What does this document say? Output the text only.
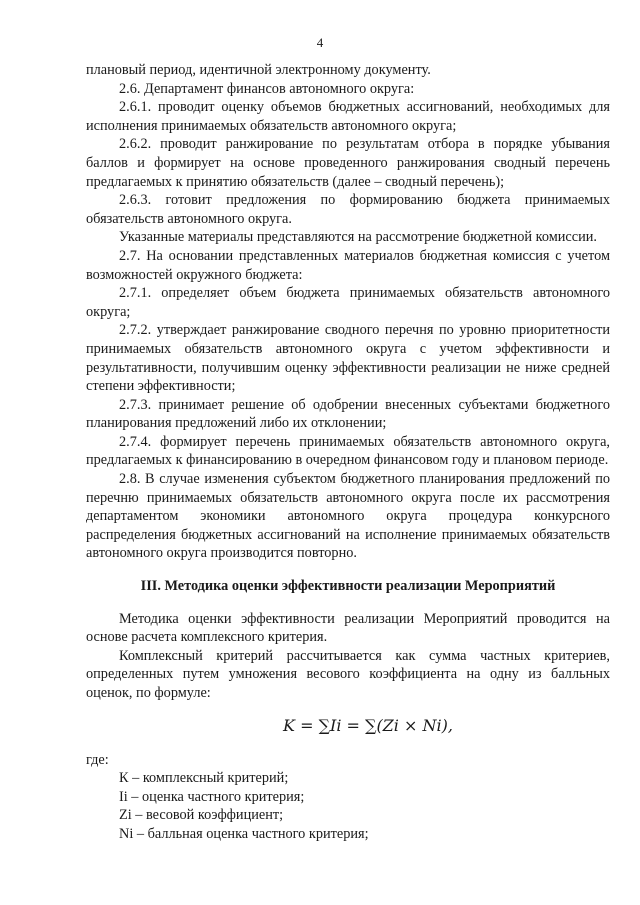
4

плановый период, идентичной электронному документу.

2.6. Департамент финансов автономного округа:

2.6.1. проводит оценку объемов бюджетных ассигнований, необходимых для исполнения принимаемых обязательств автономного округа;

2.6.2. проводит ранжирование по результатам отбора в порядке убывания баллов и формирует на основе проведенного ранжирования сводный перечень предлагаемых к принятию обязательств (далее – сводный перечень);

2.6.3. готовит предложения по формированию бюджета принимаемых обязательств автономного округа.

Указанные материалы представляются на рассмотрение бюджетной комиссии.

2.7. На основании представленных материалов бюджетная комиссия с учетом возможностей окружного бюджета:

2.7.1. определяет объем бюджета принимаемых обязательств автономного округа;

2.7.2. утверждает ранжирование сводного перечня по уровню приоритетности принимаемых обязательств автономного округа с учетом эффективности и результативности, получившим оценку эффективности реализации не ниже средней степени эффективности;

2.7.3. принимает решение об одобрении внесенных субъектами бюджетного планирования предложений либо их отклонении;

2.7.4. формирует перечень принимаемых обязательств автономного округа, предлагаемых к финансированию в очередном финансовом году и плановом периоде.

2.8. В случае изменения субъектом бюджетного планирования предложений по перечню принимаемых обязательств автономного округа после их рассмотрения департаментом экономики автономного округа процедура конкурсного распределения бюджетных ассигнований на исполнение принимаемых обязательств автономного округа производится повторно.

III. Методика оценки эффективности реализации Мероприятий

Методика оценки эффективности реализации Мероприятий проводится на основе расчета комплексного критерия.

Комплексный критерий рассчитывается как сумма частных критериев, определенных путем умножения весового коэффициента на одну из балльных оценок, по формуле:

K = ∑Ii = ∑(Zi × Ni),

где:

К – комплексный критерий;

Ii – оценка частного критерия;

Zi – весовой коэффициент;

Ni – балльная оценка частного критерия;
